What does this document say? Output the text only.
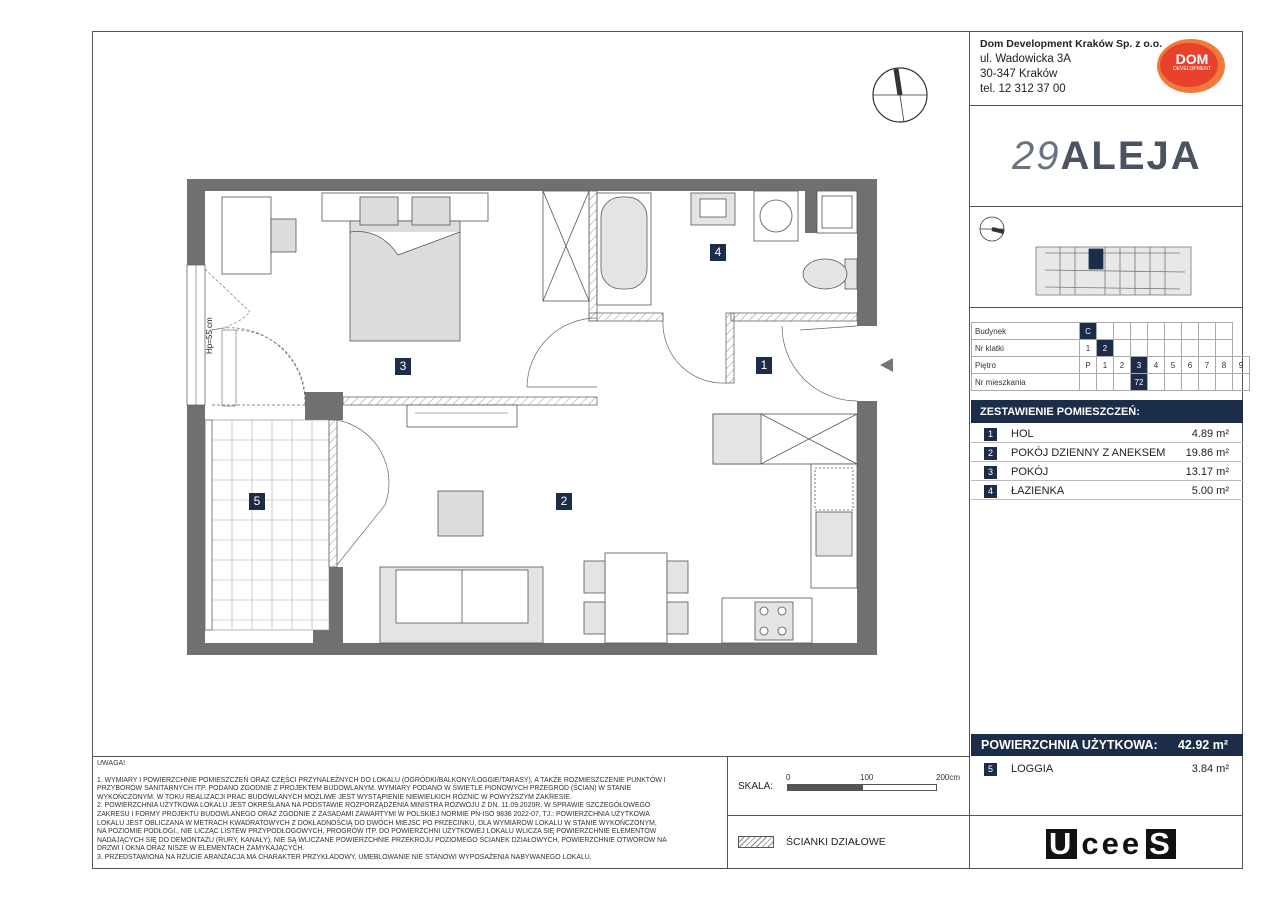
1
2
3
4
5
Hp=55 cm
Dom Development Kraków Sp. z o.o.
ul. Wadowicka 3A
30-347 Kraków
tel. 12 312 37 00
DOM
DEVELOPMENT
29ALEJA
Budynek	C									
Nr klatki	1	2								
Piętro	P	1	2	3	4	5	6	7	8	9
Nr mieszkania				72						
ZESTAWIENIE POMIESZCZEŃ:
1	HOL	4.89 m²
2	POKÓJ DZIENNY Z ANEKSEM 19.86 m²
3	POKÓJ	13.17 m²
4	ŁAZIENKA	5.00 m²
POWIERZCHNIA UŻYTKOWA: 42.92 m²
5	LOGGIA	3.84 m²
UWAGA!
1. WYMIARY I POWIERZCHNIE POMIESZCZEŃ ORAZ CZĘŚCI PRZYNALEŻNYCH DO LOKALU (OGRÓDKI/BALKONY/LOGGIE/TARASY), A TAKŻE ROZMIESZCZENIE PUNKTÓW I
PRZYBORÓW SANITARNYCH ITP. PODANO ZGODNIE Z PROJEKTEM BUDOWLANYM. WYMIARY PODANO W ŚWIETLE PIONOWYCH PRZEGRÓD (ŚCIAN) W STANIE
WYKOŃCZONYM. W TOKU REALIZACJI PRAC BUDOWLANYCH MOŻLIWE JEST WYSTĄPIENIE NIEWIELKICH RÓŻNIC W POWYŻSZYM ZAKRESIE.
2. POWIERZCHNIA UŻYTKOWA LOKALU JEST OKREŚLANA NA PODSTAWIE ROZPORZĄDZENIA MINISTRA ROZWOJU Z DN. 11.09.2020R. W SPRAWIE SZCZEGÓŁOWEGO
ZAKRESU I FORMY PROJEKTU BUDOWLANEGO ORAZ ZGODNIE Z ZASADAMI ZAWARTYMI W POLSKIEJ NORMIE PN-ISO 9836 2022-07, TJ.: POWIERZCHNIA UŻYTKOWA
LOKALU JEST OBLICZANA W METRACH KWADRATOWYCH Z DOKŁADNOŚCIĄ DO DWÓCH MIEJSC PO PRZECINKU, DLA WYMIARÓW LOKALU W STANIE WYKOŃCZONYM,
NA POZIOMIE PODŁOGI., NIE LICZĄC LISTEW PRZYPODŁOGOWYCH, PROGRÓW ITP. DO POWIERZCHNI UŻYTKOWEJ LOKALU WLICZA SIĘ POWIERZCHNIE ELEMENTÓW
NADAJĄCYCH SIĘ DO DEMONTAŻU (RURY, KANAŁY), NIE SĄ WLICZANE POWIERZCHNIE PRZEKROJU POZIOMEGO ŚCIANEK DZIAŁOWYCH, POWIERZCHNIE OTWORÓW NA
DRZWI I OKNA ORAZ NISZE W ELEMENTACH ZAMYKAJĄCYCH.
3. PRZEDSTAWIONA NA RZUCIE ARANŻACJA MA CHARAKTER PRZYKŁADOWY, UMEBLOWANIE NIE STANOWI WYPOSAŻENIA NABYWANEGO LOKALU.
SKALA:
0	100	200cm
ŚCIANKI DZIAŁOWE	U cee S
